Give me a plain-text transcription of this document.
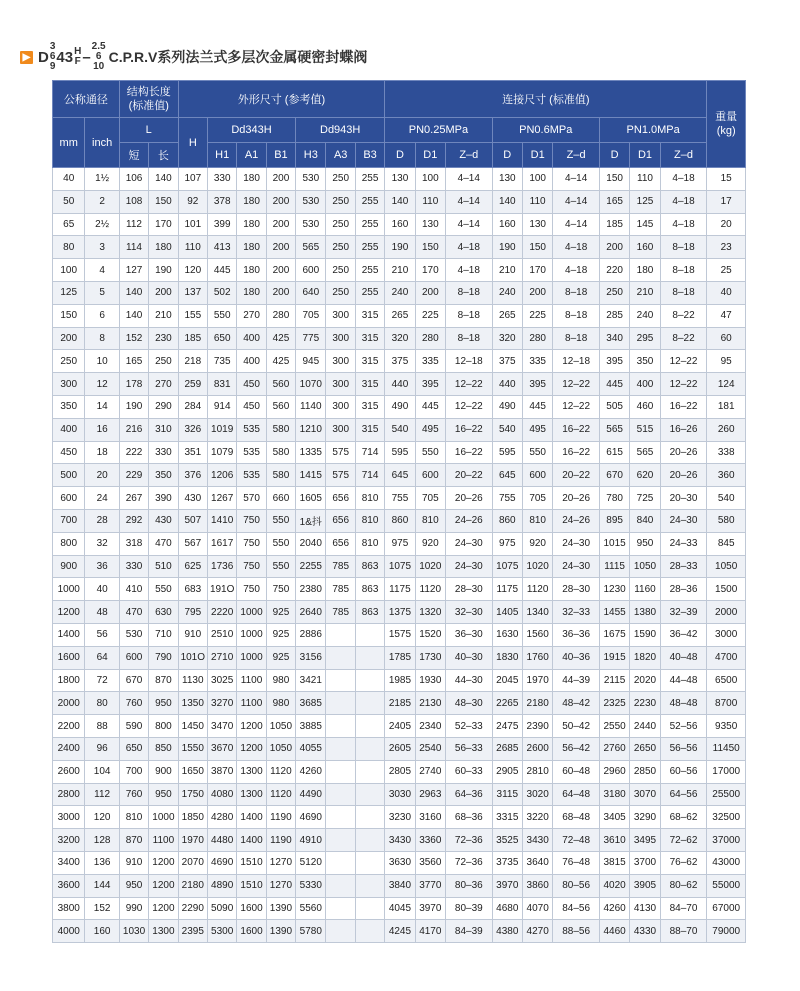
▶ D
3
6
9
43 H
F –
2.5
6
10
C.P.R.V系列法兰式多层次金属硬密封蝶阀
公称通径		结构长度(标准值)		外形尺寸 (参考值)							连接尺寸 (标准值)									重量(kg)
mm	inch	L		H	Dd343H			Dd943H			PN0.25MPa			PN0.6MPa			PN1.0MPa			
		短	长		H1	A1	B1	H3	A3	B3	D	D1	Z–d	D	D1	Z–d	D	D1	Z–d	
40	1½	106	140	107	330	180	200	530	250	255	130	100	4–14	130	100	4–14	150	110	4–18	15
50	2	108	150	92	378	180	200	530	250	255	140	110	4–14	140	110	4–14	165	125	4–18	17
65	2½	112	170	101	399	180	200	530	250	255	160	130	4–14	160	130	4–14	185	145	4–18	20
80	3	114	180	110	413	180	200	565	250	255	190	150	4–18	190	150	4–18	200	160	8–18	23
100	4	127	190	120	445	180	200	600	250	255	210	170	4–18	210	170	4–18	220	180	8–18	25
125	5	140	200	137	502	180	200	640	250	255	240	200	8–18	240	200	8–18	250	210	8–18	40
150	6	140	210	155	550	270	280	705	300	315	265	225	8–18	265	225	8–18	285	240	8–22	47
200	8	152	230	185	650	400	425	775	300	315	320	280	8–18	320	280	8–18	340	295	8–22	60
250	10	165	250	218	735	400	425	945	300	315	375	335	12–18	375	335	12–18	395	350	12–22	95
300	12	178	270	259	831	450	560	1070	300	315	440	395	12–22	440	395	12–22	445	400	12–22	124
350	14	190	290	284	914	450	560	1140	300	315	490	445	12–22	490	445	12–22	505	460	16–22	181
400	16	216	310	326	1019	535	580	1210	300	315	540	495	16–22	540	495	16–22	565	515	16–26	260
450	18	222	330	351	1079	535	580	1335	575	714	595	550	16–22	595	550	16–22	615	565	20–26	338
500	20	229	350	376	1206	535	580	1415	575	714	645	600	20–22	645	600	20–22	670	620	20–26	360
600	24	267	390	430	1267	570	660	1605	656	810	755	705	20–26	755	705	20–26	780	725	20–30	540
700	28	292	430	507	1410	750	550	1&抖	656	810	860	810	24–26	860	810	24–26	895	840	24–30	580
800	32	318	470	567	1617	750	550	2040	656	810	975	920	24–30	975	920	24–30	1015	950	24–33	845
900	36	330	510	625	1736	750	550	2255	785	863	1075	1020	24–30	1075	1020	24–30	1115	1050	28–33	1050
1000	40	410	550	683	191O	750	750	2380	785	863	1175	1120	28–30	1175	1120	28–30	1230	1160	28–36	1500
1200	48	470	630	795	2220	1000	925	2640	785	863	1375	1320	32–30	1405	1340	32–33	1455	1380	32–39	2000
1400	56	530	710	910	2510	1000	925	2886			1575	1520	36–30	1630	1560	36–36	1675	1590	36–42	3000
1600	64	600	790	101O	2710	1000	925	3156			1785	1730	40–30	1830	1760	40–36	1915	1820	40–48	4700
1800	72	670	870	1130	3025	1100	980	3421			1985	1930	44–30	2045	1970	44–39	2115	2020	44–48	6500
2000	80	760	950	1350	3270	1100	980	3685			2185	2130	48–30	2265	2180	48–42	2325	2230	48–48	8700
2200	88	590	800	1450	3470	1200	1050	3885			2405	2340	52–33	2475	2390	50–42	2550	2440	52–56	9350
2400	96	650	850	1550	3670	1200	1050	4055			2605	2540	56–33	2685	2600	56–42	2760	2650	56–56	11450
2600	104	700	900	1650	3870	1300	1120	4260			2805	2740	60–33	2905	2810	60–48	2960	2850	60–56	17000
2800	112	760	950	1750	4080	1300	1120	4490			3030	2963	64–36	3115	3020	64–48	3180	3070	64–56	25500
3000	120	810	1000	1850	4280	1400	1190	4690			3230	3160	68–36	3315	3220	68–48	3405	3290	68–62	32500
3200	128	870	1100	1970	4480	1400	1190	4910			3430	3360	72–36	3525	3430	72–48	3610	3495	72–62	37000
3400	136	910	1200	2070	4690	1510	1270	5120			3630	3560	72–36	3735	3640	76–48	3815	3700	76–62	43000
3600	144	950	1200	2180	4890	1510	1270	5330			3840	3770	80–36	3970	3860	80–56	4020	3905	80–62	55000
3800	152	990	1200	2290	5090	1600	1390	5560			4045	3970	80–39	4680	4070	84–56	4260	4130	84–70	67000
4000	160	1030	1300	2395	5300	1600	1390	5780			4245	4170	84–39	4380	4270	88–56	4460	4330	88–70	79000
